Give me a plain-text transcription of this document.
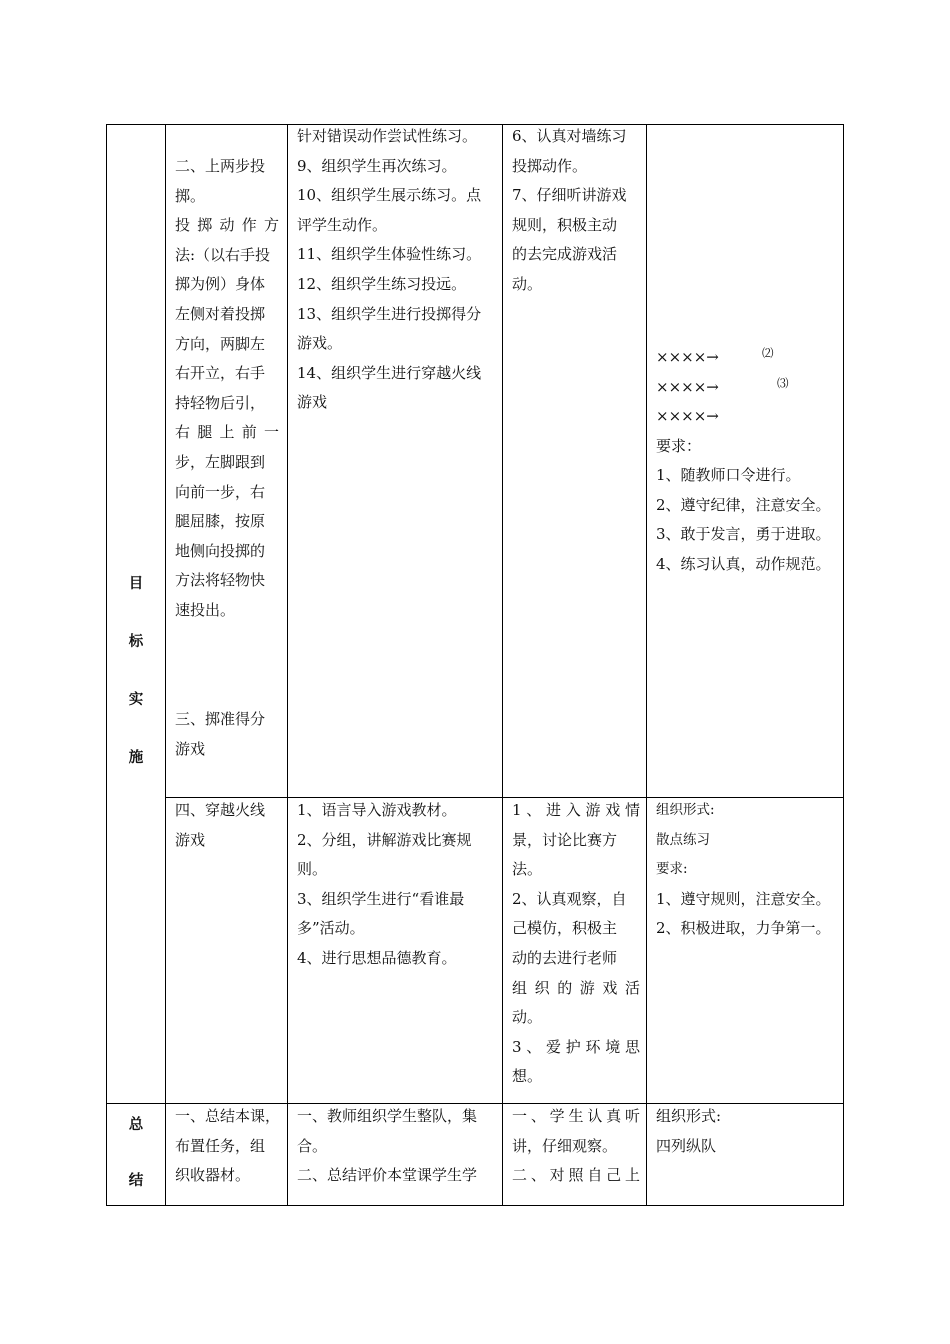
目
标
实
施
总
结

二、上两步投

掷。

投掷动作方

法:（以右手投

掷为例）身体

左侧对着投掷

方向，两脚左

右开立，右手

持轻物后引，

右腿上前一

步，左脚跟到

向前一步，右

腿屈膝，按原

地侧向投掷的

方法将轻物快

速投出。

三、掷准得分

游戏

针对错误动作尝试性练习。

9、组织学生再次练习。

10、组织学生展示练习。点

评学生动作。

11、组织学生体验性练习。

12、组织学生练习投远。

13、组织学生进行投掷得分

游戏。

14、组织学生进行穿越火线

游戏

6、认真对墙练习

投掷动作。

7、仔细听讲游戏

规则，积极主动

的去完成游戏活

动。

××××→	⑵
××××→	⑶
××××→

要求：

1、随教师口令进行。

2、遵守纪律，注意安全。

3、敢于发言，勇于进取。

4、练习认真，动作规范。

四、穿越火线

游戏

1、语言导入游戏教材。

2、分组，讲解游戏比赛规

则。

3、组织学生进行“看谁最

多”活动。

4、进行思想品德教育。

1、进入游戏情

景，讨论比赛方

法。

2、认真观察，自

己模仿，积极主

动的去进行老师

组织的游戏活

动。

3、爱护环境思

想。

组织形式:

散点练习

要求:

1、遵守规则，注意安全。

2、积极进取，力争第一。

一、总结本课，

布置任务，组

织收器材。

一、教师组织学生整队，集

合。

二、总结评价本堂课学生学

一、学生认真听

讲，仔细观察。

二、对照自己上

组织形式:

四列纵队
